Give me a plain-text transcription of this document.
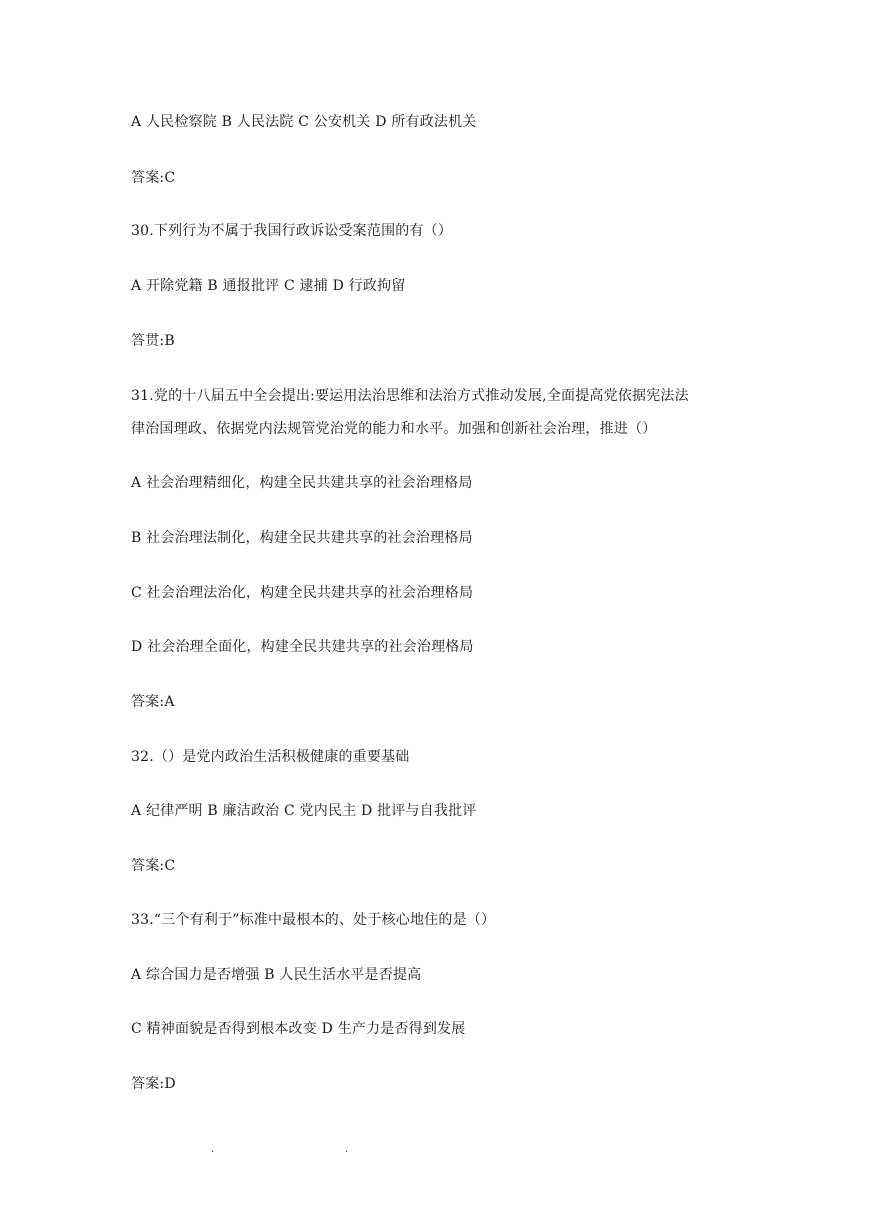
A 人民检察院 B 人民法院 C 公安机关 D 所有政法机关
答案:C
30.下列行为不属于我国行政诉讼受案范围的有（）
A 开除党籍 B 通报批评 C 逮捕 D 行政拘留
答贯:B
31.党的十八届五中全会提出:要运用法治思维和法治方式推动发展,全面提高党依据宪法法
律治国理政、依据党内法规管党治党的能力和水平。加强和创新社会治理，推进（）
A 社会治理精细化，构建全民共建共享的社会治理格局
B 社会治理法制化，构建全民共建共享的社会治理格局
C 社会治理法治化，构建全民共建共享的社会治理格局
D 社会治理全面化，构建全民共建共享的社会治理格局
答案:A
32.（）是党内政治生活积极健康的重要基础
A 纪律严明 B 廉洁政治 C 党内民主 D 批评与自我批评
答案:C
33.“三个有利于”标准中最根本的、处于核心地住的是（）
A 综合国力是否增强 B 人民生活水平是否提高
C 精神面貌是否得到根本改变 D 生产力是否得到发展
答案:D
.	.
